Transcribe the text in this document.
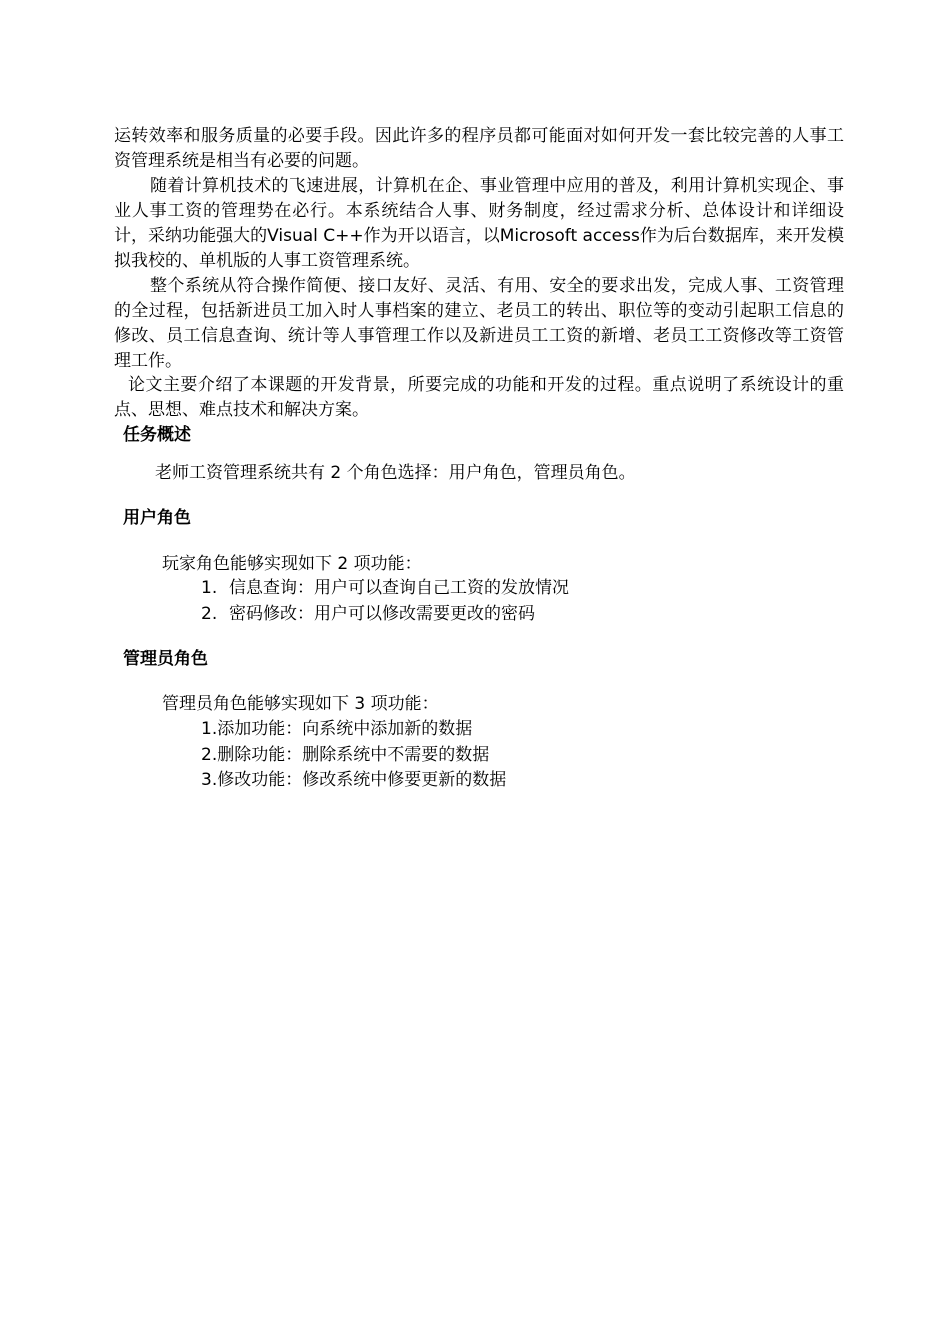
运转效率和服务质量的必要手段。因此许多的程序员都可能面对如何开发一套比较完善的人事工资管理系统是相当有必要的问题。

随着计算机技术的飞速进展，计算机在企、事业管理中应用的普及，利用计算机实现企、事业人事工资的管理势在必行。本系统结合人事、财务制度，经过需求分析、总体设计和详细设计，采纳功能强大的Visual C++作为开以语言，以Microsoft access作为后台数据库，来开发模拟我校的、单机版的人事工资管理系统。

整个系统从符合操作简便、接口友好、灵活、有用、安全的要求出发，完成人事、工资管理的全过程，包括新进员工加入时人事档案的建立、老员工的转出、职位等的变动引起职工信息的修改、员工信息查询、统计等人事管理工作以及新进员工工资的新增、老员工工资修改等工资管理工作。

论文主要介绍了本课题的开发背景，所要完成的功能和开发的过程。重点说明了系统设计的重点、思想、难点技术和解决方案。

任务概述

老师工资管理系统共有 2 个角色选择：用户角色，管理员角色。

用户角色

玩家角色能够实现如下 2 项功能：

1. 信息查询：用户可以查询自己工资的发放情况
2. 密码修改：用户可以修改需要更改的密码
管理员角色

管理员角色能够实现如下 3 项功能：

1.添加功能：向系统中添加新的数据
2.删除功能：删除系统中不需要的数据
3.修改功能：修改系统中修要更新的数据
